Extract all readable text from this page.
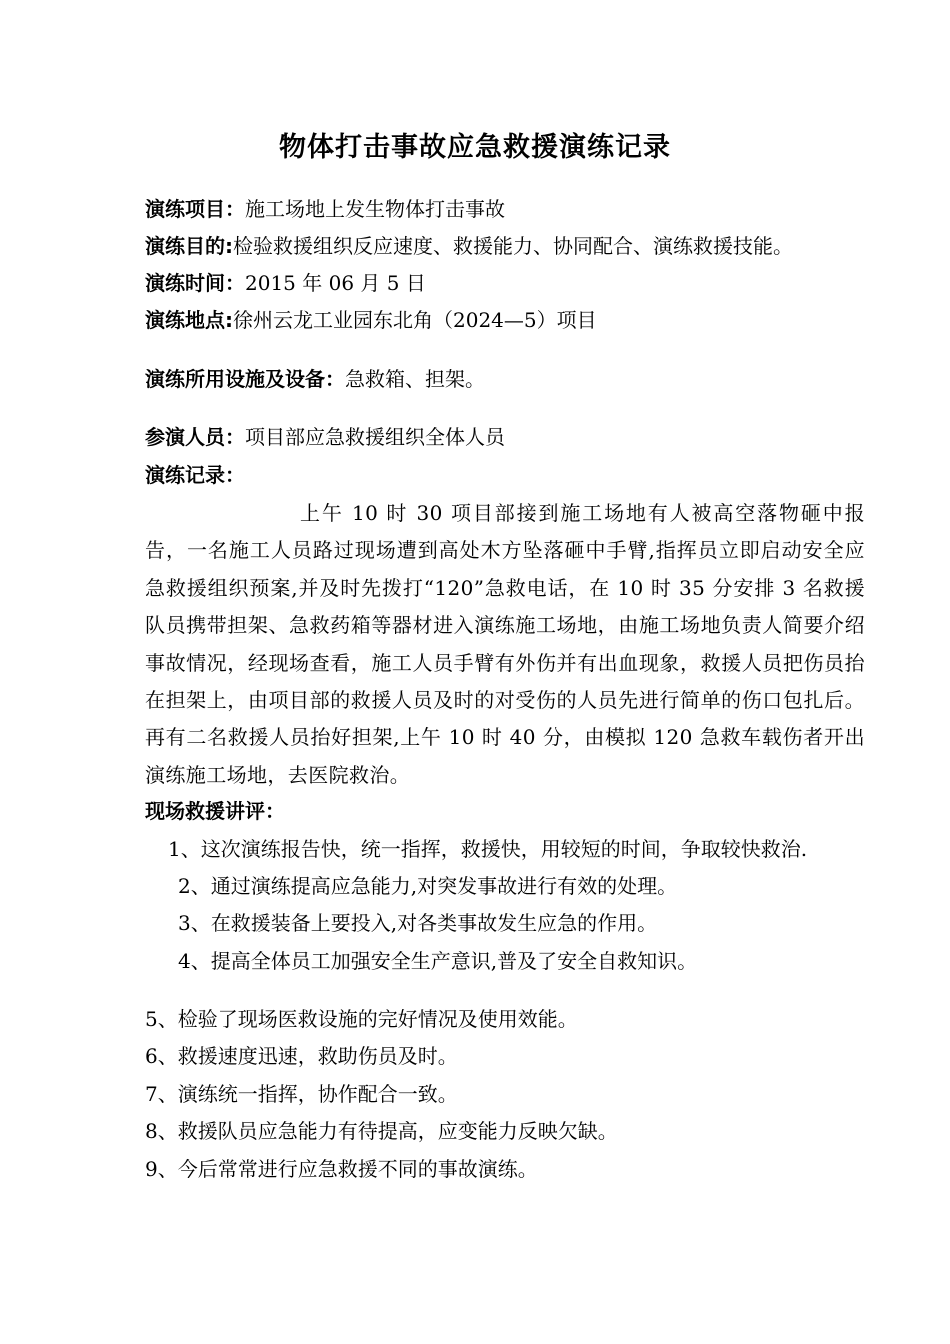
物体打击事故应急救援演练记录
演练项目：施工场地上发生物体打击事故
演练目的:检验救援组织反应速度、救援能力、协同配合、演练救援技能。
演练时间：2015 年 06 月 5 日
演练地点:徐州云龙工业园东北角（2024—5）项目
演练所用设施及设备：急救箱、担架。
参演人员：项目部应急救援组织全体人员
演练记录：
上午 10 时 30 项目部接到施工场地有人被高空落物砸中报告，一名施工人员路过现场遭到高处木方坠落砸中手臂,指挥员立即启动安全应急救援组织预案,并及时先拨打“120”急救电话，在 10 时 35 分安排 3 名救援队员携带担架、急救药箱等器材进入演练施工场地，由施工场地负责人简要介绍事故情况，经现场查看，施工人员手臂有外伤并有出血现象，救援人员把伤员抬在担架上，由项目部的救援人员及时的对受伤的人员先进行简单的伤口包扎后。再有二名救援人员抬好担架,上午 10 时 40 分，由模拟 120 急救车载伤者开出演练施工场地，去医院救治。
现场救援讲评：
1、这次演练报告快，统一指挥，救援快，用较短的时间，争取较快救治.
2、通过演练提高应急能力,对突发事故进行有效的处理。
3、在救援装备上要投入,对各类事故发生应急的作用。
4、提高全体员工加强安全生产意识,普及了安全自救知识。
5、检验了现场医救设施的完好情况及使用效能。
6、救援速度迅速，救助伤员及时。
7、演练统一指挥，协作配合一致。
8、救援队员应急能力有待提高，应变能力反映欠缺。
9、今后常常进行应急救援不同的事故演练。
